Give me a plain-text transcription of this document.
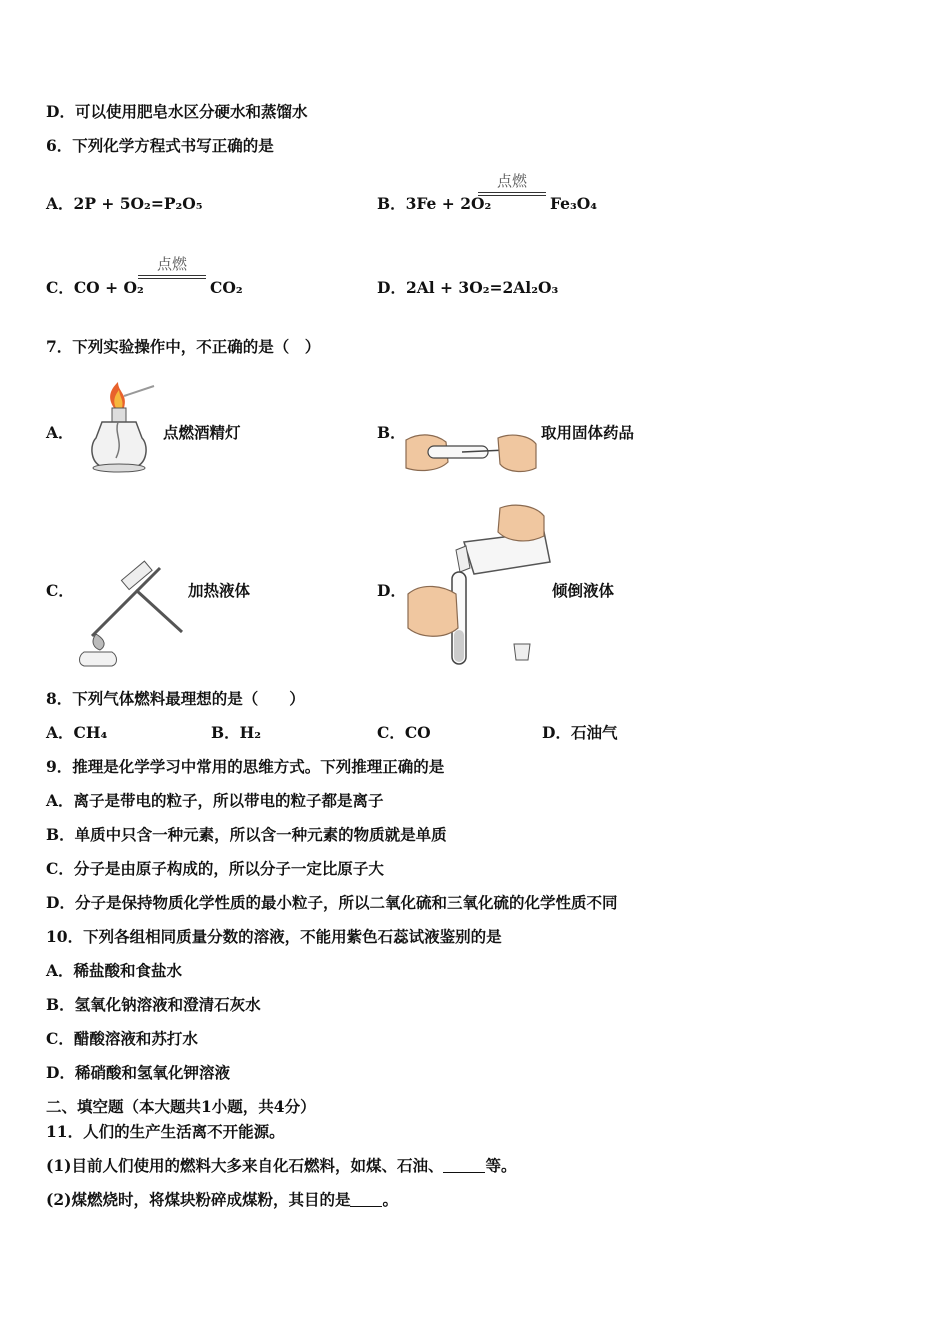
D．可以使用肥皂水区分硬水和蒸馏水
6．下列化学方程式书写正确的是
A．2P + 5O₂=P₂O₅	B．3Fe + 2O₂
点燃
Fe₃O₄
C．CO + O₂
点燃
CO₂	D．2Al + 3O₂=2Al₂O₃
7．下列实验操作中，不正确的是（　）
A．	点燃酒精灯	B．	取用固体药品
C．	加热液体	D．	倾倒液体
8．下列气体燃料最理想的是（　　）
A．CH₄	B．H₂	C．CO	D．石油气
9．推理是化学学习中常用的思维方式。下列推理正确的是
A．离子是带电的粒子，所以带电的粒子都是离子
B．单质中只含一种元素，所以含一种元素的物质就是单质
C．分子是由原子构成的，所以分子一定比原子大
D．分子是保持物质化学性质的最小粒子，所以二氧化硫和三氧化硫的化学性质不同
10．下列各组相同质量分数的溶液，不能用紫色石蕊试液鉴别的是
A．稀盐酸和食盐水
B．氢氧化钠溶液和澄清石灰水
C．醋酸溶液和苏打水
D．稀硝酸和氢氧化钾溶液
二、填空题（本大题共1小题，共4分）
11．人们的生产生活离不开能源。
(1)目前人们使用的燃料大多来自化石燃料，如煤、石油、	等。
(2)煤燃烧时，将煤块粉碎成煤粉，其目的是 。
